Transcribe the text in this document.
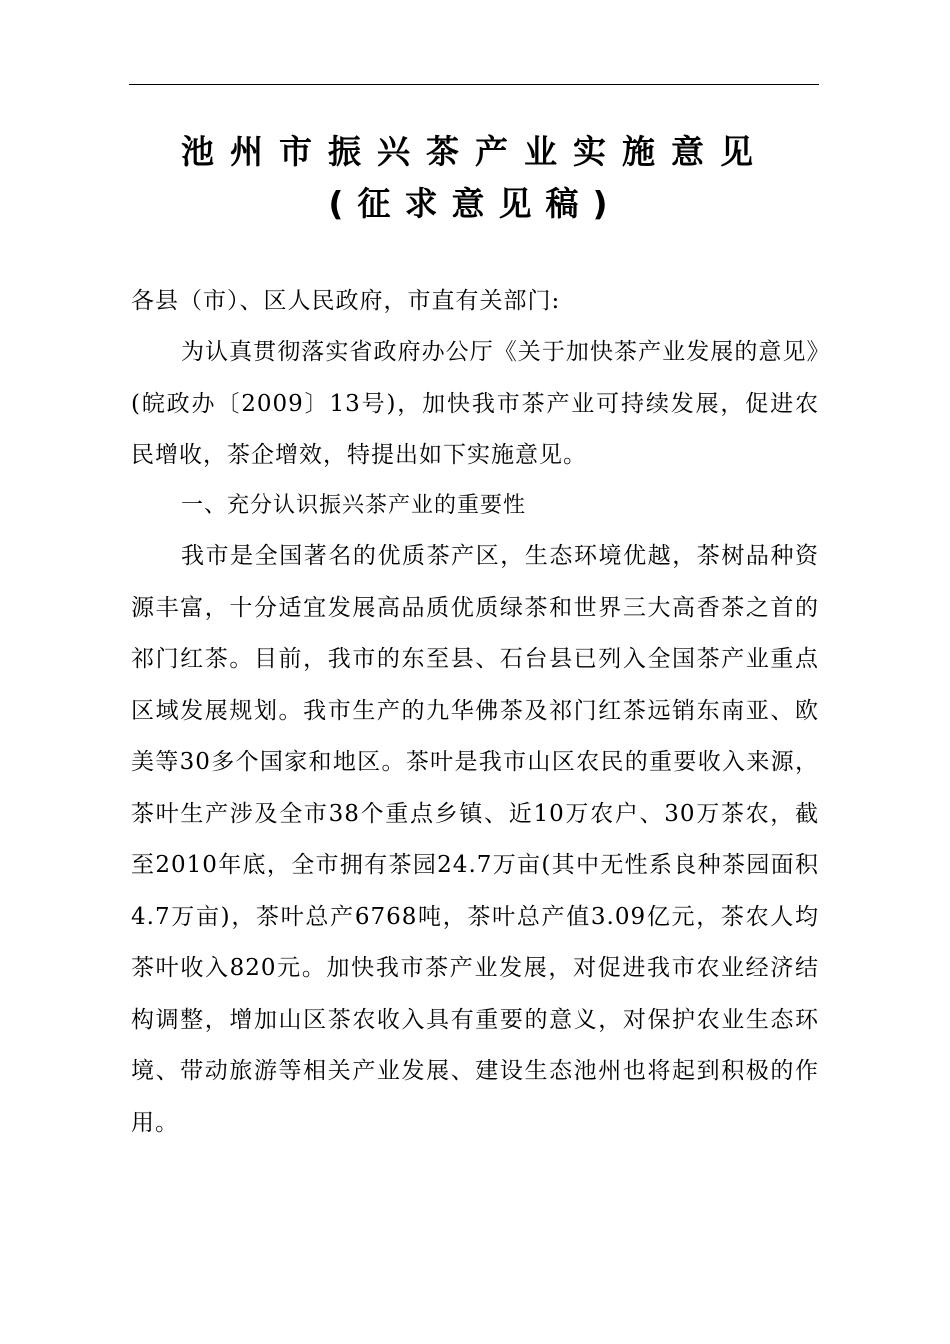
池州市振兴茶产业实施意见
(征求意见稿)
各县（市）、区人民政府，市直有关部门:
为认真贯彻落实省政府办公厅《关于加快茶产业发展的意见》(皖政办〔2009〕13号)，加快我市茶产业可持续发展，促进农民增收，茶企增效，特提出如下实施意见。
一、充分认识振兴茶产业的重要性
我市是全国著名的优质茶产区，生态环境优越，茶树品种资源丰富，十分适宜发展高品质优质绿茶和世界三大高香茶之首的祁门红茶。目前，我市的东至县、石台县已列入全国茶产业重点区域发展规划。我市生产的九华佛茶及祁门红茶远销东南亚、欧美等30多个国家和地区。茶叶是我市山区农民的重要收入来源，茶叶生产涉及全市38个重点乡镇、近10万农户、30万茶农，截至2010年底，全市拥有茶园24.7万亩(其中无性系良种茶园面积4.7万亩)，茶叶总产6768吨，茶叶总产值3.09亿元，茶农人均茶叶收入820元。加快我市茶产业发展，对促进我市农业经济结构调整，增加山区茶农收入具有重要的意义，对保护农业生态环境、带动旅游等相关产业发展、建设生态池州也将起到积极的作用。
